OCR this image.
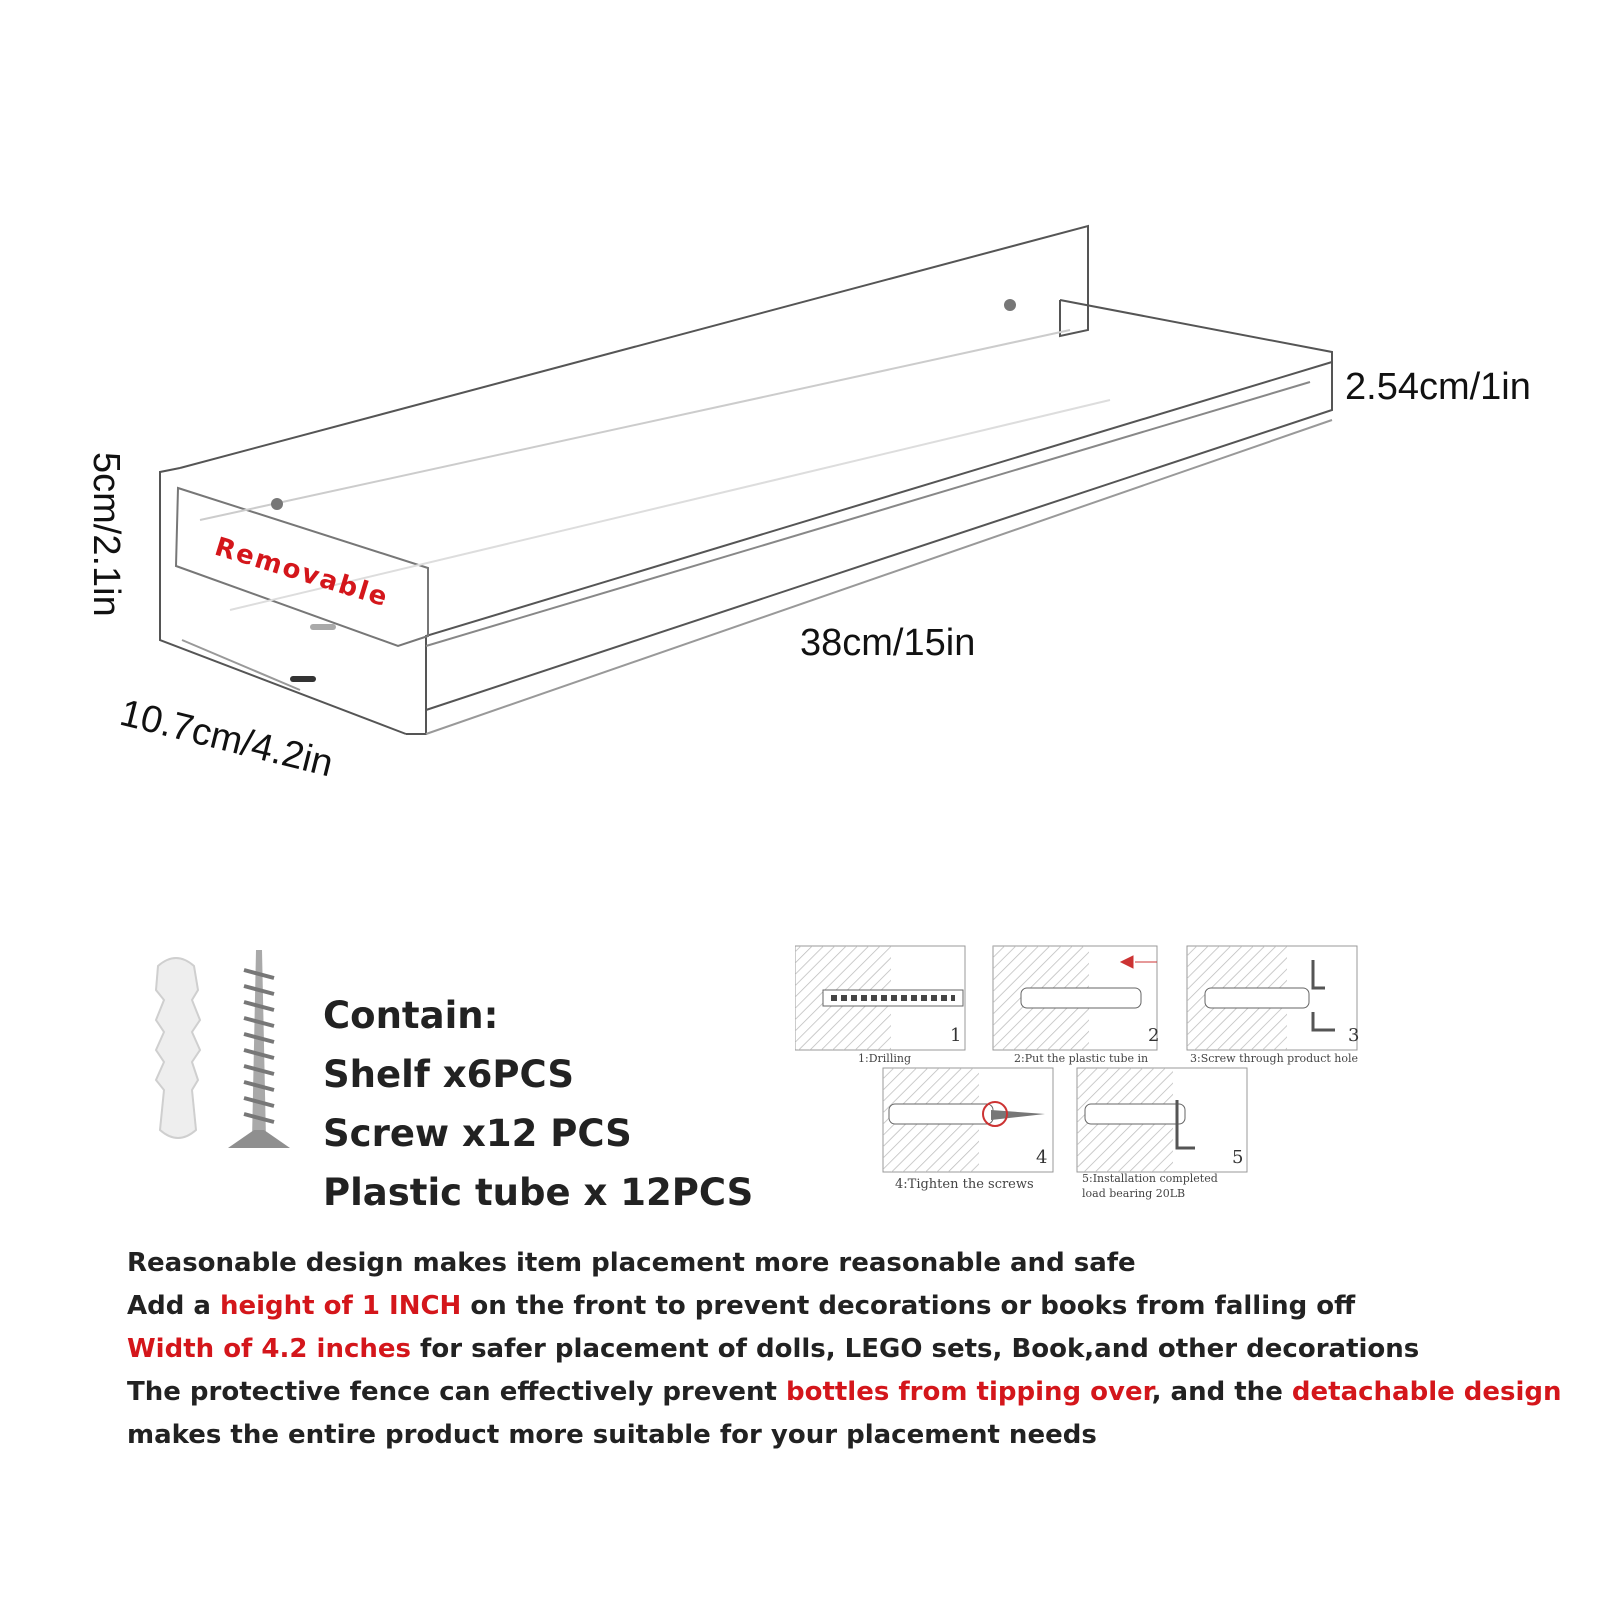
38cm/15in
2.54cm/1in
10.7cm/4.2in
5cm/2.1in	Removable
Contain:
Shelf x6PCS
Screw x12 PCS
Plastic tube x 12PCS
1	2	3
4	5
1:Drilling	2:Put the plastic tube in	3:Screw through product hole
4:Tighten the screws	5:Installation completed
load bearing 20LB
Reasonable design makes item placement more reasonable and safe
Add a height of 1 INCH on the front to prevent decorations or books from falling off
Width of 4.2 inches for safer placement of dolls, LEGO sets, Book,and other decorations
The protective fence can effectively prevent bottles from tipping over, and the detachable design
makes the entire product more suitable for your placement needs
